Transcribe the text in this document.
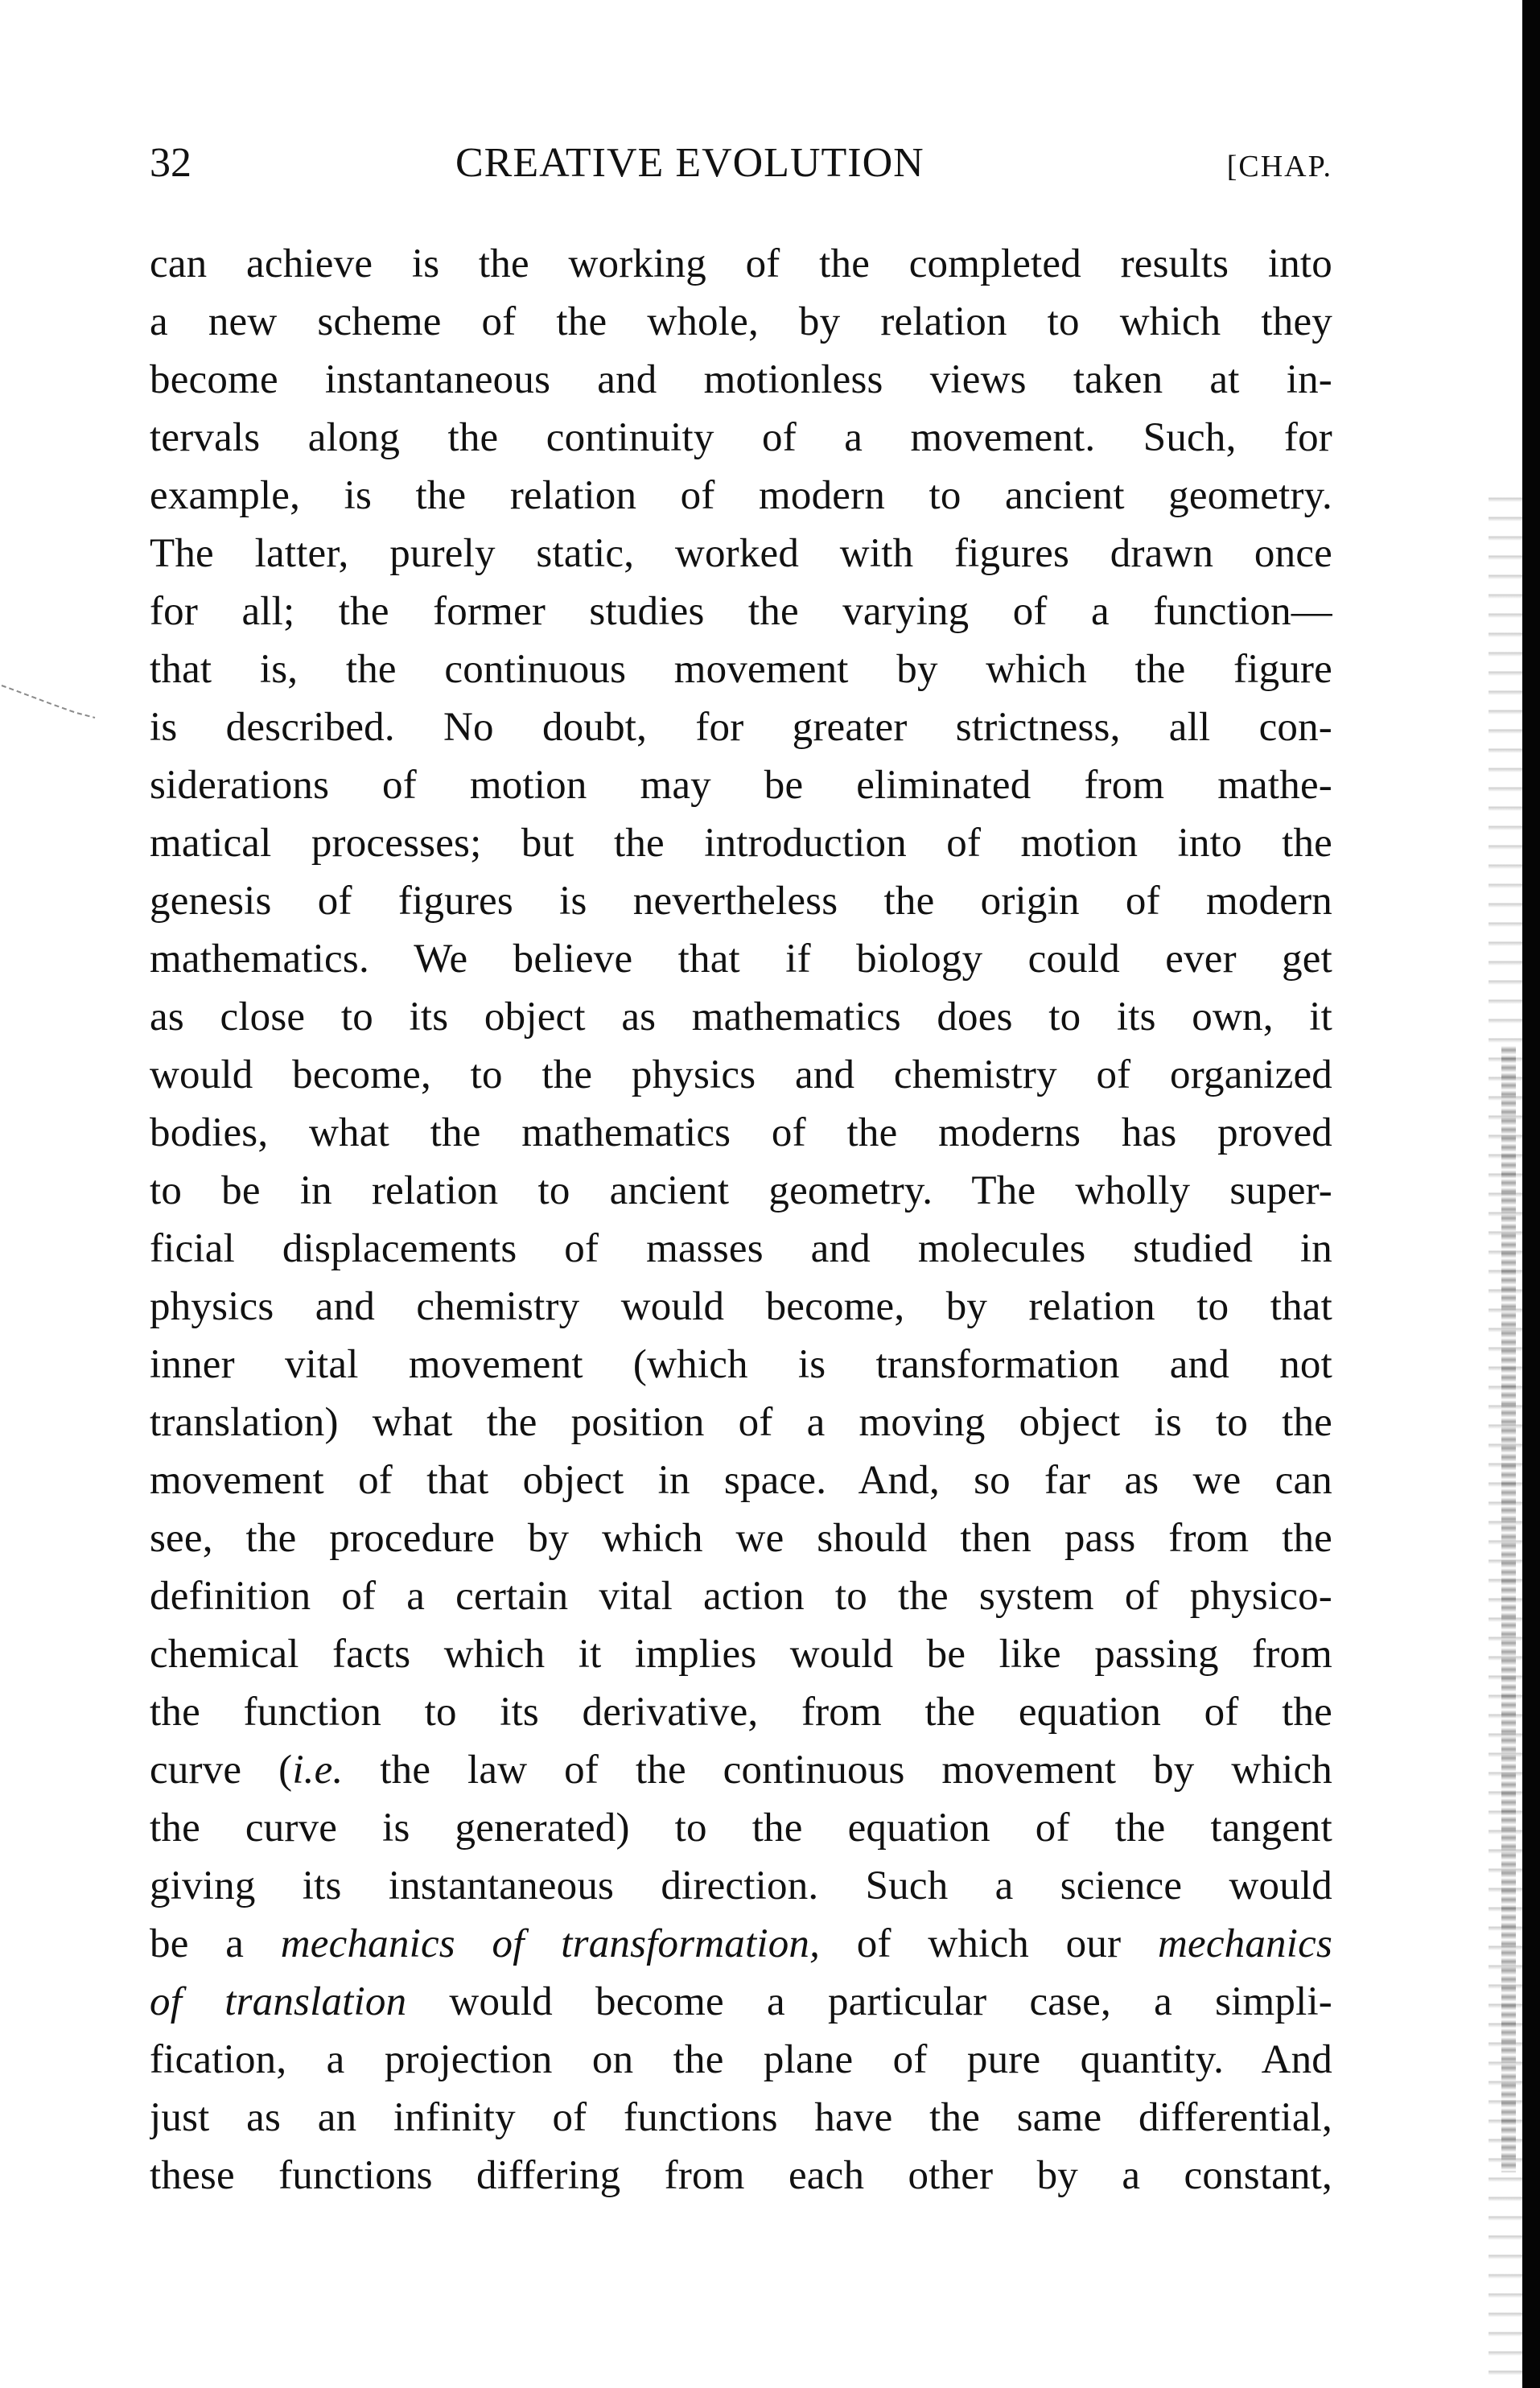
32	CREATIVE EVOLUTION	[CHAP.
can achieve is the working of the completed results into
a new scheme of the whole, by relation to which they
become instantaneous and motionless views taken at in-
tervals along the continuity of a movement. Such, for
example, is the relation of modern to ancient geometry.
The latter, purely static, worked with figures drawn once
for all; the former studies the varying of a function—
that is, the continuous movement by which the figure
is described. No doubt, for greater strictness, all con-
siderations of motion may be eliminated from mathe-
matical processes; but the introduction of motion into the
genesis of figures is nevertheless the origin of modern
mathematics. We believe that if biology could ever get
as close to its object as mathematics does to its own, it
would become, to the physics and chemistry of organized
bodies, what the mathematics of the moderns has proved
to be in relation to ancient geometry. The wholly super-
ficial displacements of masses and molecules studied in
physics and chemistry would become, by relation to that
inner vital movement (which is transformation and not
translation) what the position of a moving object is to the
movement of that object in space. And, so far as we can
see, the procedure by which we should then pass from the
definition of a certain vital action to the system of physico-
chemical facts which it implies would be like passing from
the function to its derivative, from the equation of the
curve (i.e. the law of the continuous movement by which
the curve is generated) to the equation of the tangent
giving its instantaneous direction. Such a science would
be a mechanics of transformation, of which our mechanics
of translation would become a particular case, a simpli-
fication, a projection on the plane of pure quantity. And
just as an infinity of functions have the same differential,
these functions differing from each other by a constant,
